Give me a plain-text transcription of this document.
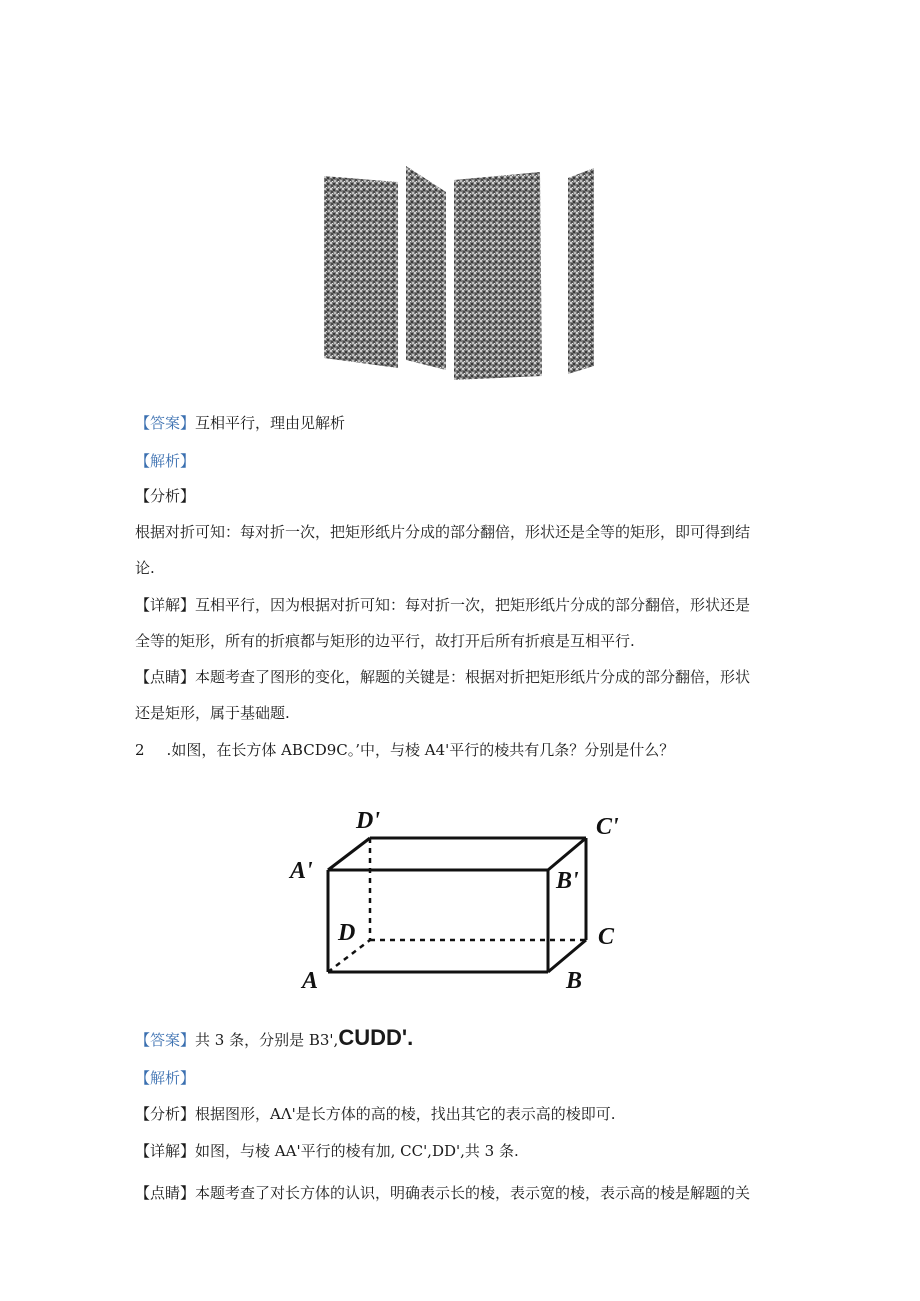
【答案】互相平行，理由见解析
【解析】
【分析】
根据对折可知：每对折一次，把矩形纸片分成的部分翻倍，形状还是全等的矩形，即可得到结
论.
【详解】互相平行，因为根据对折可知：每对折一次，把矩形纸片分成的部分翻倍，形状还是
全等的矩形，所有的折痕都与矩形的边平行，故打开后所有折痕是互相平行.
【点睛】本题考查了图形的变化，解题的关键是：根据对折把矩形纸片分成的部分翻倍，形状
还是矩形，属于基础题.
2 .如图，在长方体 ABCD9C。’中，与棱 A4'平行的棱共有几条？分别是什么？
D'	C'
A'	B'
D	C
A	B
【答案】共 3 条，分别是 B3',CUDD'.
【解析】
【分析】根据图形，AΛ'是长方体的高的棱，找出其它的表示高的棱即可.
【详解】如图，与棱 AA'平行的棱有加, CC',DD',共 3 条.
【点睛】本题考查了对长方体的认识，明确表示长的棱，表示宽的棱，表示高的棱是解题的关
